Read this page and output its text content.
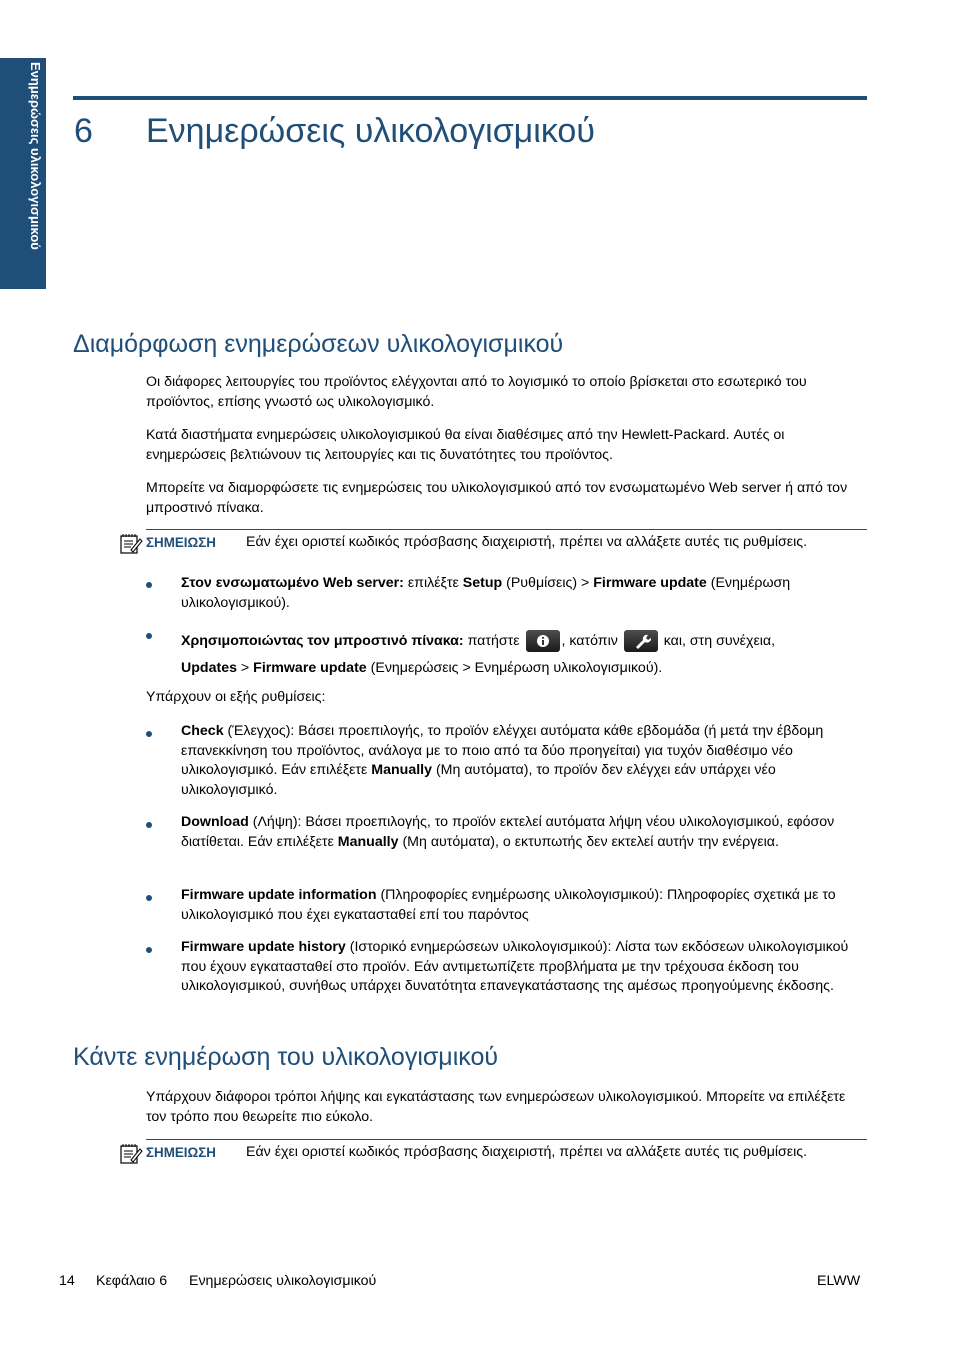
Ενημερώσεις υλικολογισμικού 6 Ενημερώσεις υλικολογισμικού
Διαμόρφωση ενημερώσεων υλικολογισμικού
Οι διάφορες λειτουργίες του προϊόντος ελέγχονται από το λογισμικό το οποίο βρίσκεται στο εσωτερικό του προϊόντος, επίσης γνωστό ως υλικολογισμικό.
Κατά διαστήματα ενημερώσεις υλικολογισμικού θα είναι διαθέσιμες από την Hewlett-Packard. Αυτές οι ενημερώσεις βελτιώνουν τις λειτουργίες και τις δυνατότητες του προϊόντος.
Μπορείτε να διαμορφώσετε τις ενημερώσεις του υλικολογισμικού από τον ενσωματωμένο Web server ή από τον μπροστινό πίνακα.
ΣΗΜΕΙΩΣΗ Εάν έχει οριστεί κωδικός πρόσβασης διαχειριστή, πρέπει να αλλάξετε αυτές τις ρυθμίσεις.
Στον ενσωματωμένο Web server: επιλέξτε Setup (Ρυθμίσεις) > Firmware update (Ενημέρωση υλικολογισμικού).
Χρησιμοποιώντας τον μπροστινό πίνακα: πατήστε	, κατόπιν	και, στη συνέχεια,
Updates > Firmware update (Ενημερώσεις > Ενημέρωση υλικολογισμικού).
Υπάρχουν οι εξής ρυθμίσεις:
Check (Έλεγχος): Βάσει προεπιλογής, το προϊόν ελέγχει αυτόματα κάθε εβδομάδα (ή μετά την έβδομη επανεκκίνηση του προϊόντος, ανάλογα με το ποιο από τα δύο προηγείται) για τυχόν διαθέσιμο νέο υλικολογισμικό. Εάν επιλέξετε Manually (Μη αυτόματα), το προϊόν δεν ελέγχει εάν υπάρχει νέο υλικολογισμικό.
Download (Λήψη): Βάσει προεπιλογής, το προϊόν εκτελεί αυτόματα λήψη νέου υλικολογισμικού, εφόσον διατίθεται. Εάν επιλέξετε Manually (Μη αυτόματα), ο εκτυπωτής δεν εκτελεί αυτήν την ενέργεια.
Firmware update information (Πληροφορίες ενημέρωσης υλικολογισμικού): Πληροφορίες σχετικά με το υλικολογισμικό που έχει εγκατασταθεί επί του παρόντος
Firmware update history (Ιστορικό ενημερώσεων υλικολογισμικού): Λίστα των εκδόσεων υλικολογισμικού που έχουν εγκατασταθεί στο προϊόν. Εάν αντιμετωπίζετε προβλήματα με την τρέχουσα έκδοση του υλικολογισμικού, συνήθως υπάρχει δυνατότητα επανεγκατάστασης της αμέσως προηγούμενης έκδοσης.
Κάντε ενημέρωση του υλικολογισμικού
Υπάρχουν διάφοροι τρόποι λήψης και εγκατάστασης των ενημερώσεων υλικολογισμικού. Μπορείτε να επιλέξετε τον τρόπο που θεωρείτε πιο εύκολο.
ΣΗΜΕΙΩΣΗ Εάν έχει οριστεί κωδικός πρόσβασης διαχειριστή, πρέπει να αλλάξετε αυτές τις ρυθμίσεις.
14 Κεφάλαιο 6 Ενημερώσεις υλικολογισμικού	ELWW
